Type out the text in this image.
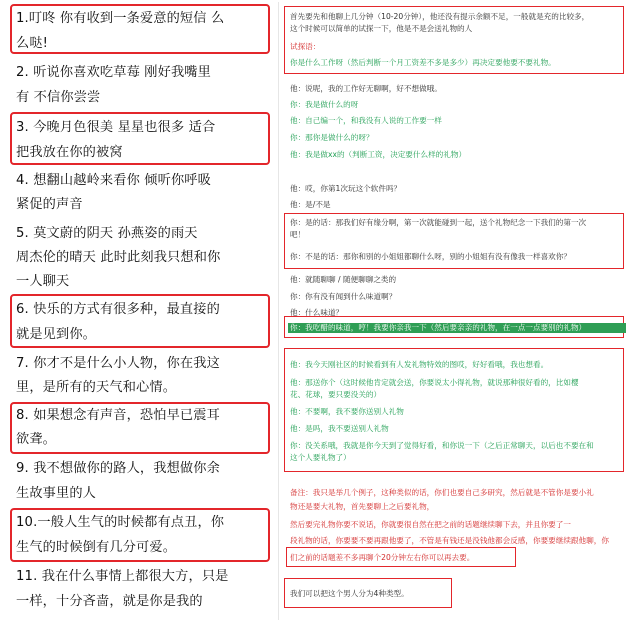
1.叮咚 你有收到一条爱意的短信 么
么哒!
2. 听说你喜欢吃草莓 刚好我嘴里
有 不信你尝尝
3. 今晚月色很美 星星也很多 适合
把我放在你的被窝
4. 想翻山越岭来看你 倾听你呼吸
紧促的声音
5. 莫文蔚的阴天 孙燕姿的雨天
周杰伦的晴天 此时此刻我只想和你
一人聊天
6. 快乐的方式有很多种，最直接的
就是见到你。
7. 你才不是什么小人物，你在我这
里，是所有的天气和心情。
8. 如果想念有声音，恐怕早已震耳
欲聋。
9. 我不想做你的路人，我想做你余
生故事里的人
10.一般人生气的时候都有点丑，你
生气的时候倒有几分可爱。
11. 我在什么事情上都很大方，只是
一样，十分吝啬，就是你是我的
首先要先和他聊上几分钟（10-20分钟），他还没有提示余额不足，一般就是充的比较多，
这个时候可以简单的试探一下，他是不是会送礼物的人
试探语：
你是什么工作呀（然后判断一个月工资差不多是多少）再决定要他要不要礼物。
他：说呢，我的工作好无聊啊，好不想做哦。
你：我是做什么的呀
他：自己编一个，和我没有人说的工作要一样
你：那你是做什么的呀？
他：我是做xx的（判断工资，决定要什么样的礼物）
他：哎，你第1次玩这个软件吗？
他：是/不是
你：是的话：那我们好有缘分啊，第一次就能碰到一起，送个礼物纪念一下我们的第一次
吧！
你：不是的话：那你和别的小姐姐都聊什么呀，别的小姐姐有没有像我一样喜欢你？
他：就随聊聊 / 随便聊聊之类的
你：你有没有闻到什么味道啊？
他：什么味道？
你：我吃醋的味道，哼！我要你亲我一下（然后要亲亲的礼物，在一点一点要别的礼物）
他：我今天刚社区的时候看到有人发礼物特效的图哎，好好看哦，我也想看。
他：那送你个（这时候他肯定就会送，你要说太小得礼物，就说那种很好看的，比如樱
花、花球，要只要没关的）
他：不要啊，我不要你送别人礼物
他：是吗，我不要送别人礼物
你：没关系哦，我就是你今天到了觉得好看，和你说一下（之后正常聊天，以后也不要在和
这个人要礼物了）
备注：我只是举几个例子，这种类似的话，你们也要自己多研究，然后就是不管你是要小礼
物还是要大礼物，首先要聊上之后要礼物，
然后要完礼物你要不说话，你就要很自然在把之前的话题继续聊下去，并且你要了一
段礼物的话，你要要不要再跟他要了，不管是有钱还是没钱他都会反感，你要要继续跟他聊，你
们之前的话题差不多再聊个20分钟左右你可以再去要。
我们可以把这个男人分为4种类型。
